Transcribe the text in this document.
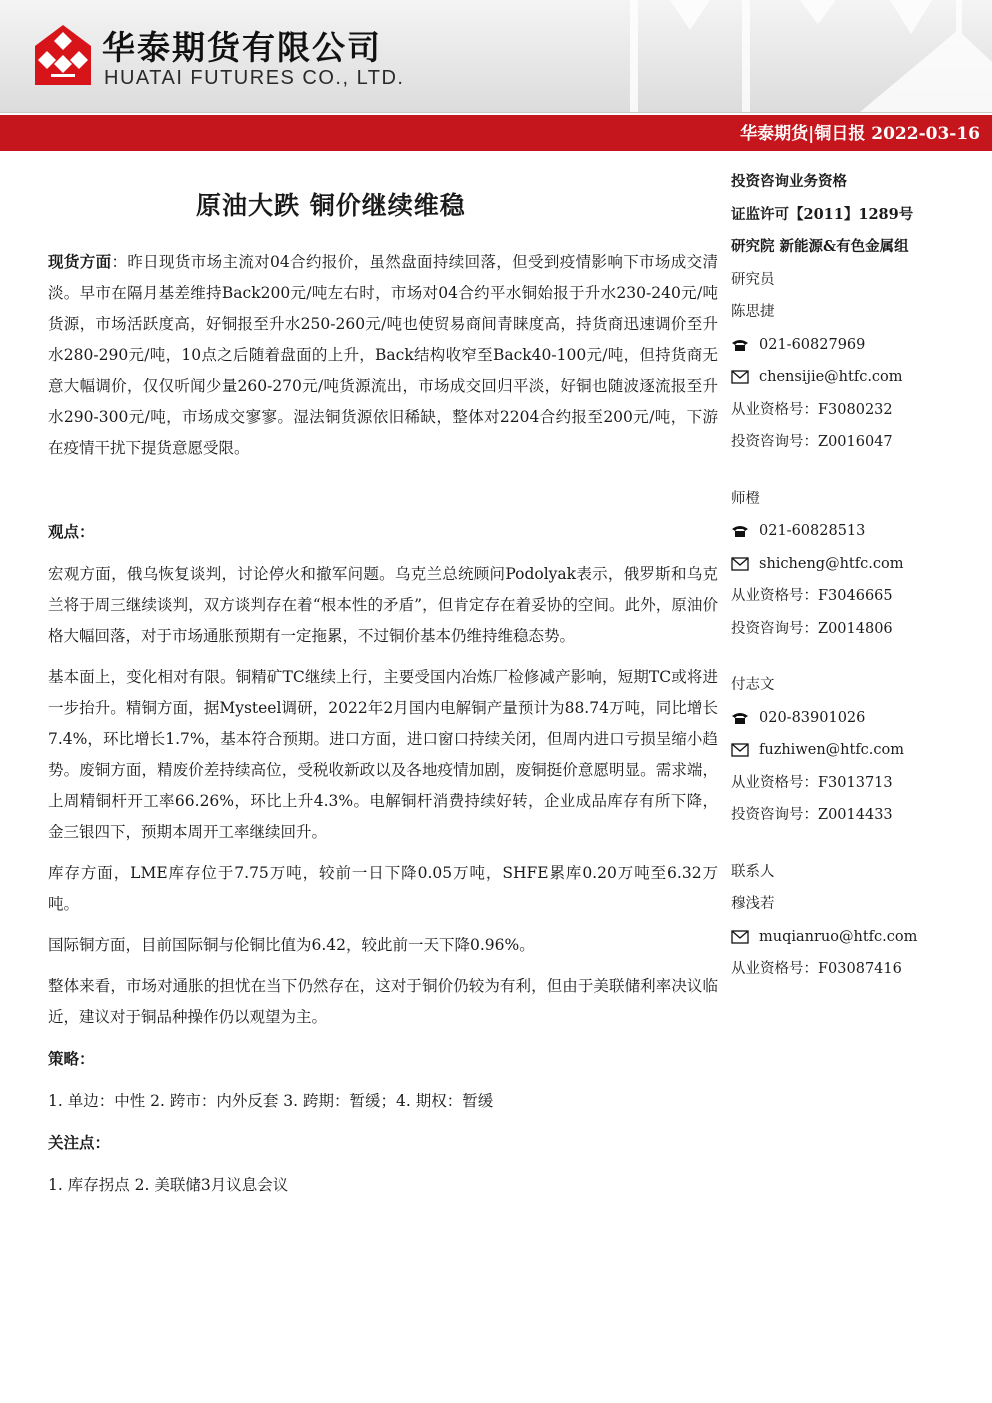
华泰期货有限公司

HUATAI FUTURES CO., LTD.

华泰期货|铜日报 2022-03-16

原油大跌 铜价继续维稳

现货方面：昨日现货市场主流对04合约报价，虽然盘面持续回落，但受到疫情影响下市场成交清淡。早市在隔月基差维持Back200元/吨左右时，市场对04合约平水铜始报于升水230-240元/吨货源，市场活跃度高，好铜报至升水250-260元/吨也使贸易商间青睐度高，持货商迅速调价至升水280-290元/吨，10点之后随着盘面的上升，Back结构收窄至Back40-100元/吨，但持货商无意大幅调价，仅仅听闻少量260-270元/吨货源流出，市场成交回归平淡，好铜也随波逐流报至升水290-300元/吨，市场成交寥寥。湿法铜货源依旧稀缺，整体对2204合约报至200元/吨，下游在疫情干扰下提货意愿受限。

观点：

宏观方面，俄乌恢复谈判，讨论停火和撤军问题。乌克兰总统顾问Podolyak表示，俄罗斯和乌克兰将于周三继续谈判，双方谈判存在着“根本性的矛盾”，但肯定存在着妥协的空间。此外，原油价格大幅回落，对于市场通胀预期有一定拖累，不过铜价基本仍维持维稳态势。

基本面上，变化相对有限。铜精矿TC继续上行，主要受国内冶炼厂检修减产影响，短期TC或将进一步抬升。精铜方面，据Mysteel调研，2022年2月国内电解铜产量预计为88.74万吨，同比增长7.4%，环比增长1.7%，基本符合预期。进口方面，进口窗口持续关闭，但周内进口亏损呈缩小趋势。废铜方面，精废价差持续高位，受税收新政以及各地疫情加剧，废铜挺价意愿明显。需求端，上周精铜杆开工率66.26%，环比上升4.3%。电解铜杆消费持续好转，企业成品库存有所下降，金三银四下，预期本周开工率继续回升。

库存方面，LME库存位于7.75万吨，较前一日下降0.05万吨，SHFE累库0.20万吨至6.32万吨。

国际铜方面，目前国际铜与伦铜比值为6.42，较此前一天下降0.96%。

整体来看，市场对通胀的担忧在当下仍然存在，这对于铜价仍较为有利，但由于美联储利率决议临近，建议对于铜品种操作仍以观望为主。

策略：

1. 单边：中性 2. 跨市：内外反套 3. 跨期：暂缓；4. 期权：暂缓

关注点：

1. 库存拐点 2. 美联储3月议息会议

投资咨询业务资格

证监许可【2011】1289号

研究院 新能源&有色金属组

研究员

陈思捷

021-60827969

chensijie@htfc.com

从业资格号：F3080232

投资咨询号：Z0016047

师橙

021-60828513

shicheng@htfc.com

从业资格号：F3046665

投资咨询号：Z0014806

付志文

020-83901026

fuzhiwen@htfc.com

从业资格号：F3013713

投资咨询号：Z0014433

联系人

穆浅若

muqianruo@htfc.com

从业资格号：F03087416
